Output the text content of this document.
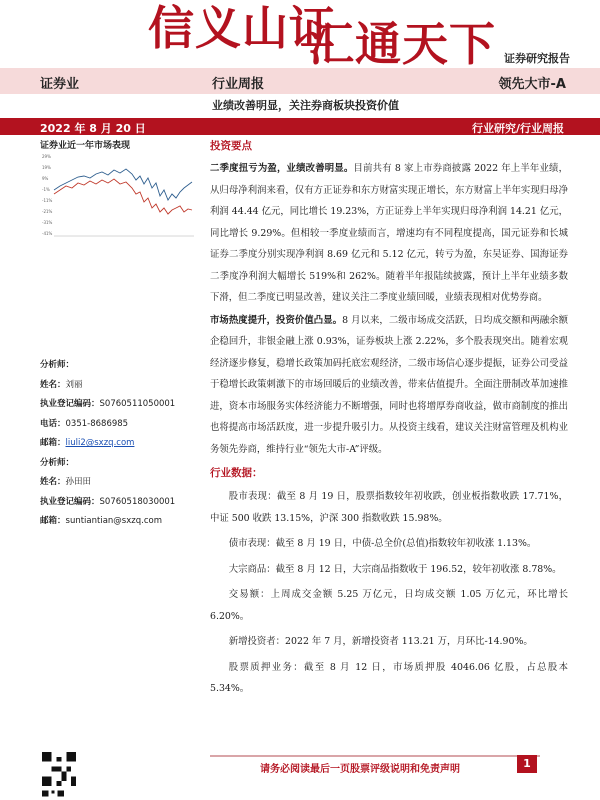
信义山证
汇通天下 证券研究报告
证券业	行业周报	领先大市-A
业绩改善明显，关注券商板块投资价值
2022 年 8 月 20 日	行业研究/行业周报
证券业近一年市场表现
29%
19%
9%
-1%
-11%
-21%
-31%
-41%
分析师：
姓名：刘丽
执业登记编码：S0760511050001
电话：0351-8686985
邮箱：liuli2@sxzq.com
分析师：
姓名：孙田田
执业登记编码：S0760518030001
邮箱：suntiantian@sxzq.com
投资要点

二季度扭亏为盈，业绩改善明显。目前共有 8 家上市券商披露 2022 年上半年业绩，从归母净利润来看，仅有方正证券和东方财富实现正增长，东方财富上半年实现归母净利润 44.44 亿元，同比增长 19.23%，方正证券上半年实现归母净利润 14.21 亿元，同比增长 9.29%。但相较一季度业绩而言，增速均有不同程度提高，国元证券和长城证券二季度分别实现净利润 8.69 亿元和 5.12 亿元，转亏为盈，东吴证券、国海证券二季度净利润大幅增长 519%和 262%。随着半年报陆续披露，预计上半年业绩多数下滑，但二季度已明显改善，建议关注二季度业绩回暖，业绩表现相对优势券商。

市场热度提升，投资价值凸显。8 月以来，二级市场成交活跃，日均成交额和两融余额企稳回升，非银金融上涨 0.93%，证券板块上涨 2.22%，多个股表现突出。随着宏观经济逐步修复，稳增长政策加码托底宏观经济，二级市场信心逐步提振，证券公司受益于稳增长政策刺激下的市场回暖后的业绩改善，带来估值提升。全面注册制改革加速推进，资本市场服务实体经济能力不断增强，同时也将增厚券商收益，做市商制度的推出也将提高市场活跃度，进一步提升吸引力。从投资主线看，建议关注财富管理及机构业务领先券商，维持行业“领先大市-A”评级。

行业数据：

股市表现：截至 8 月 19 日，股票指数较年初收跌，创业板指数收跌 17.71%，中证 500 收跌 13.15%，沪深 300 指数收跌 15.98%。

债市表现：截至 8 月 19 日，中债-总全价(总值)指数较年初收涨 1.13%。

大宗商品：截至 8 月 12 日，大宗商品指数收于 196.52，较年初收涨 8.78%。

交易额：上周成交金额 5.25 万亿元，日均成交额 1.05 万亿元，环比增长 6.20%。

新增投资者：2022 年 7 月，新增投资者 113.21 万，月环比-14.90%。

股票质押业务：截至 8 月 12 日，市场质押股 4046.06 亿股，占总股本 5.34%。

请务必阅读最后一页股票评级说明和免责声明	1
